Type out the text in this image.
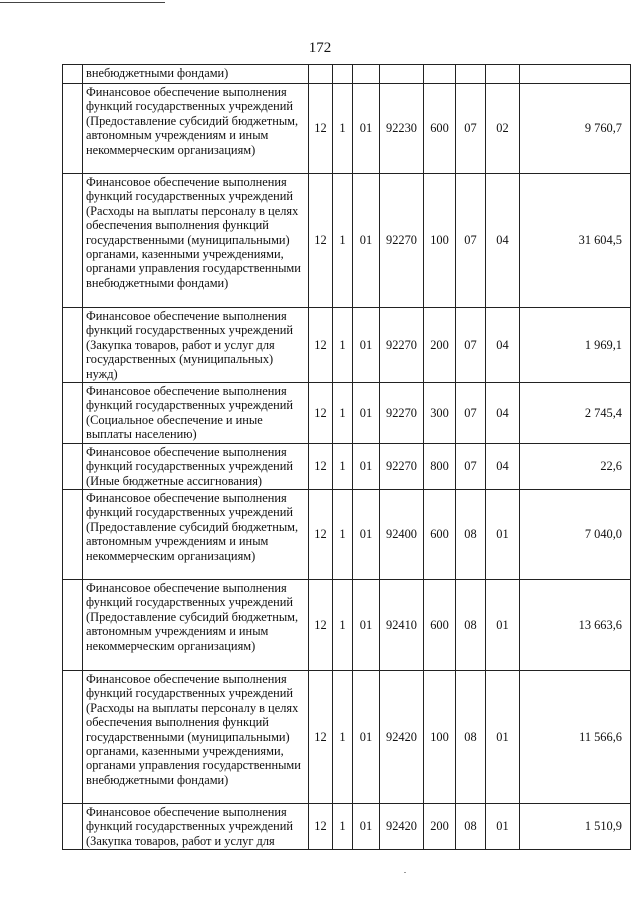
172
	внебюджетными фондами)								
	Финансовое обеспечение выполнения функций государственных учреждений (Предоставление субсидий бюджетным, автономным учреждениям и иным некоммерческим организациям)	12	1	01	92230	600	07	02	9 760,7
	Финансовое обеспечение выполнения функций государственных учреждений (Расходы на выплаты персоналу в целях обеспечения выполнения функций государственными (муниципальными) органами, казенными учреждениями, органами управления государственными внебюджетными фондами)	12	1	01	92270	100	07	04	31 604,5
	Финансовое обеспечение выполнения функций государственных учреждений (Закупка товаров, работ и услуг для государственных (муниципальных) нужд)	12	1	01	92270	200	07	04	1 969,1
	Финансовое обеспечение выполнения функций государственных учреждений (Социальное обеспечение и иные выплаты населению)	12	1	01	92270	300	07	04	2 745,4
	Финансовое обеспечение выполнения функций государственных учреждений (Иные бюджетные ассигнования)	12	1	01	92270	800	07	04	22,6
	Финансовое обеспечение выполнения функций государственных учреждений (Предоставление субсидий бюджетным, автономным учреждениям и иным некоммерческим организациям)	12	1	01	92400	600	08	01	7 040,0
	Финансовое обеспечение выполнения функций государственных учреждений (Предоставление субсидий бюджетным, автономным учреждениям и иным некоммерческим организациям)	12	1	01	92410	600	08	01	13 663,6
	Финансовое обеспечение выполнения функций государственных учреждений (Расходы на выплаты персоналу в целях обеспечения выполнения функций государственными (муниципальными) органами, казенными учреждениями, органами управления государственными внебюджетными фондами)	12	1	01	92420	100	08	01	11 566,6
	Финансовое обеспечение выполнения функций государственных учреждений (Закупка товаров, работ и услуг для	12	1	01	92420	200	08	01	1 510,9
